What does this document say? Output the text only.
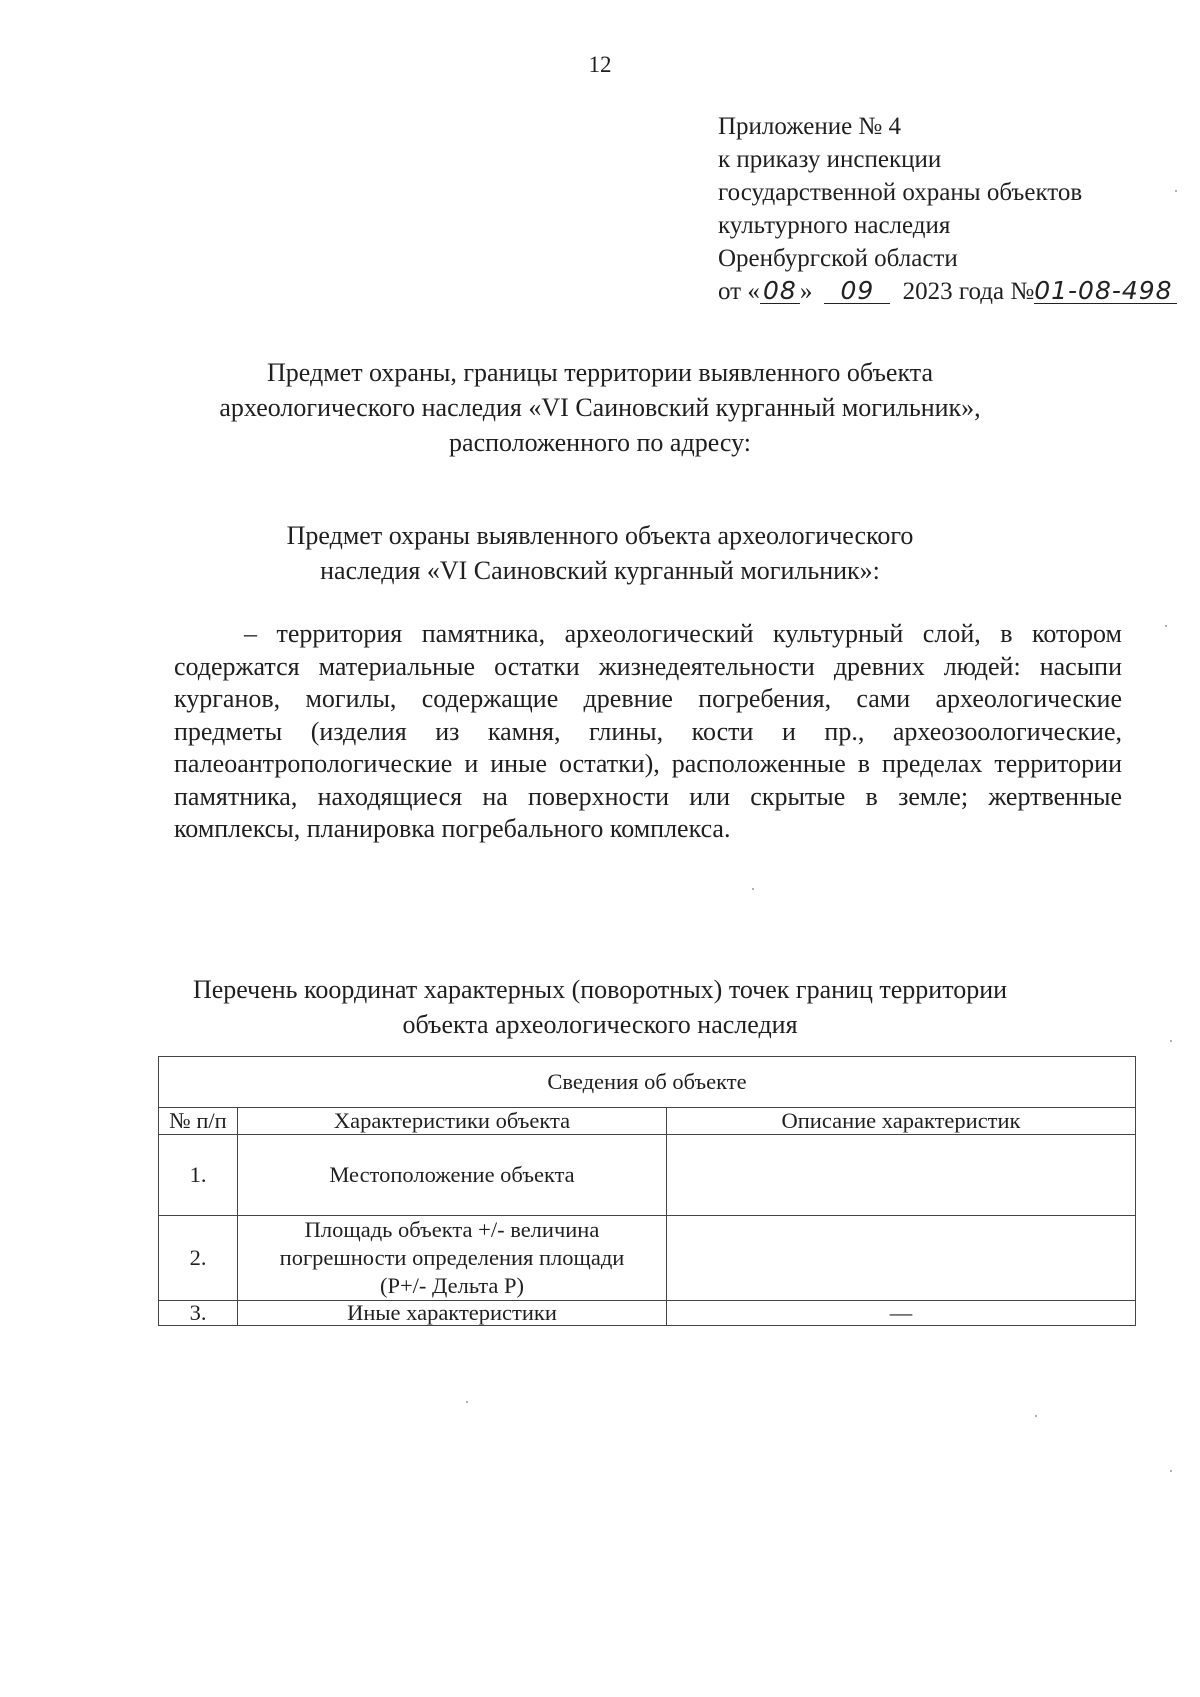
12
Приложение № 4
к приказу инспекции
государственной охраны объектов
культурного наследия
Оренбургской области
от « 08 » 09 2023 года №01-08-498
Предмет охраны, границы территории выявленного объекта
археологического наследия «VI Саиновский курганный могильник»,
расположенного по адресу:
Предмет охраны выявленного объекта археологического
наследия «VI Саиновский курганный могильник»:
– территория памятника, археологический культурный слой, в котором содержатся материальные остатки жизнедеятельности древних людей: насыпи курганов, могилы, содержащие древние погребения, сами археологические предметы (изделия из камня, глины, кости и пр., археозоологические, палеоантропологические и иные остатки), расположенные в пределах территории памятника, находящиеся на поверхности или скрытые в земле; жертвенные комплексы, планировка погребального комплекса.
Перечень координат характерных (поворотных) точек границ территории
объекта археологического наследия
Сведения об объекте		
№ п/п	Характеристики объекта	Описание характеристик
1.	Местоположение объекта	
2.	Площадь объекта +/- величина
погрешности определения площади
(P+/- Дельта P)	

3.	Иные характеристики	—
